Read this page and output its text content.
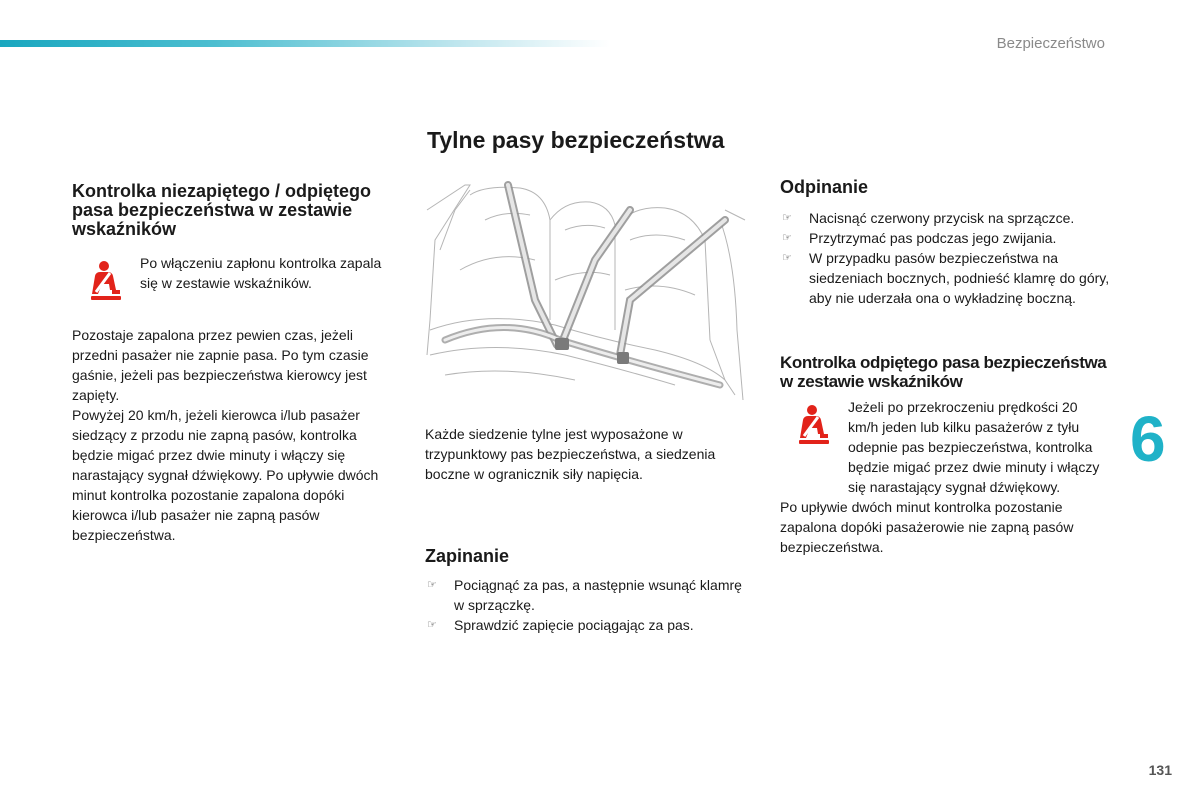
Bezpieczeństwo
Tylne pasy bezpieczeństwa
Kontrolka niezapiętego / odpiętego pasa bezpieczeństwa w zestawie wskaźników

Po włączeniu zapłonu kontrolka zapala się w zestawie wskaźników.

Pozostaje zapalona przez pewien czas, jeżeli przedni pasażer nie zapnie pasa. Po tym czasie gaśnie, jeżeli pas bezpieczeństwa kierowcy jest zapięty.

Powyżej 20 km/h, jeżeli kierowca i/lub pasażer siedzący z przodu nie zapną pasów, kontrolka będzie migać przez dwie minuty i włączy się narastający sygnał dźwiękowy. Po upływie dwóch minut kontrolka pozostanie zapalona dopóki kierowca i/lub pasażer nie zapną pasów bezpieczeństwa.

Każde siedzenie tylne jest wyposażone w trzypunktowy pas bezpieczeństwa, a siedzenia boczne w ogranicznik siły napięcia.

Zapinanie
☞ Pociągnąć za pas, a następnie wsunąć klamrę w sprzączkę.
☞ Sprawdzić zapięcie pociągając za pas.
Odpinanie
☞ Nacisnąć czerwony przycisk na sprzączce.
☞ Przytrzymać pas podczas jego zwijania.
☞ W przypadku pasów bezpieczeństwa na siedzeniach bocznych, podnieść klamrę do góry, aby nie uderzała ona o wykładzinę boczną.
Kontrolka odpiętego pasa bezpieczeństwa w zestawie wskaźników

Jeżeli po przekroczeniu prędkości 20 km/h jeden lub kilku pasażerów z tyłu odepnie pas bezpieczeństwa, kontrolka będzie migać przez dwie minuty i włączy się narastający sygnał dźwiękowy.

Po upływie dwóch minut kontrolka pozostanie zapalona dopóki pasażerowie nie zapną pasów bezpieczeństwa.

6
131
